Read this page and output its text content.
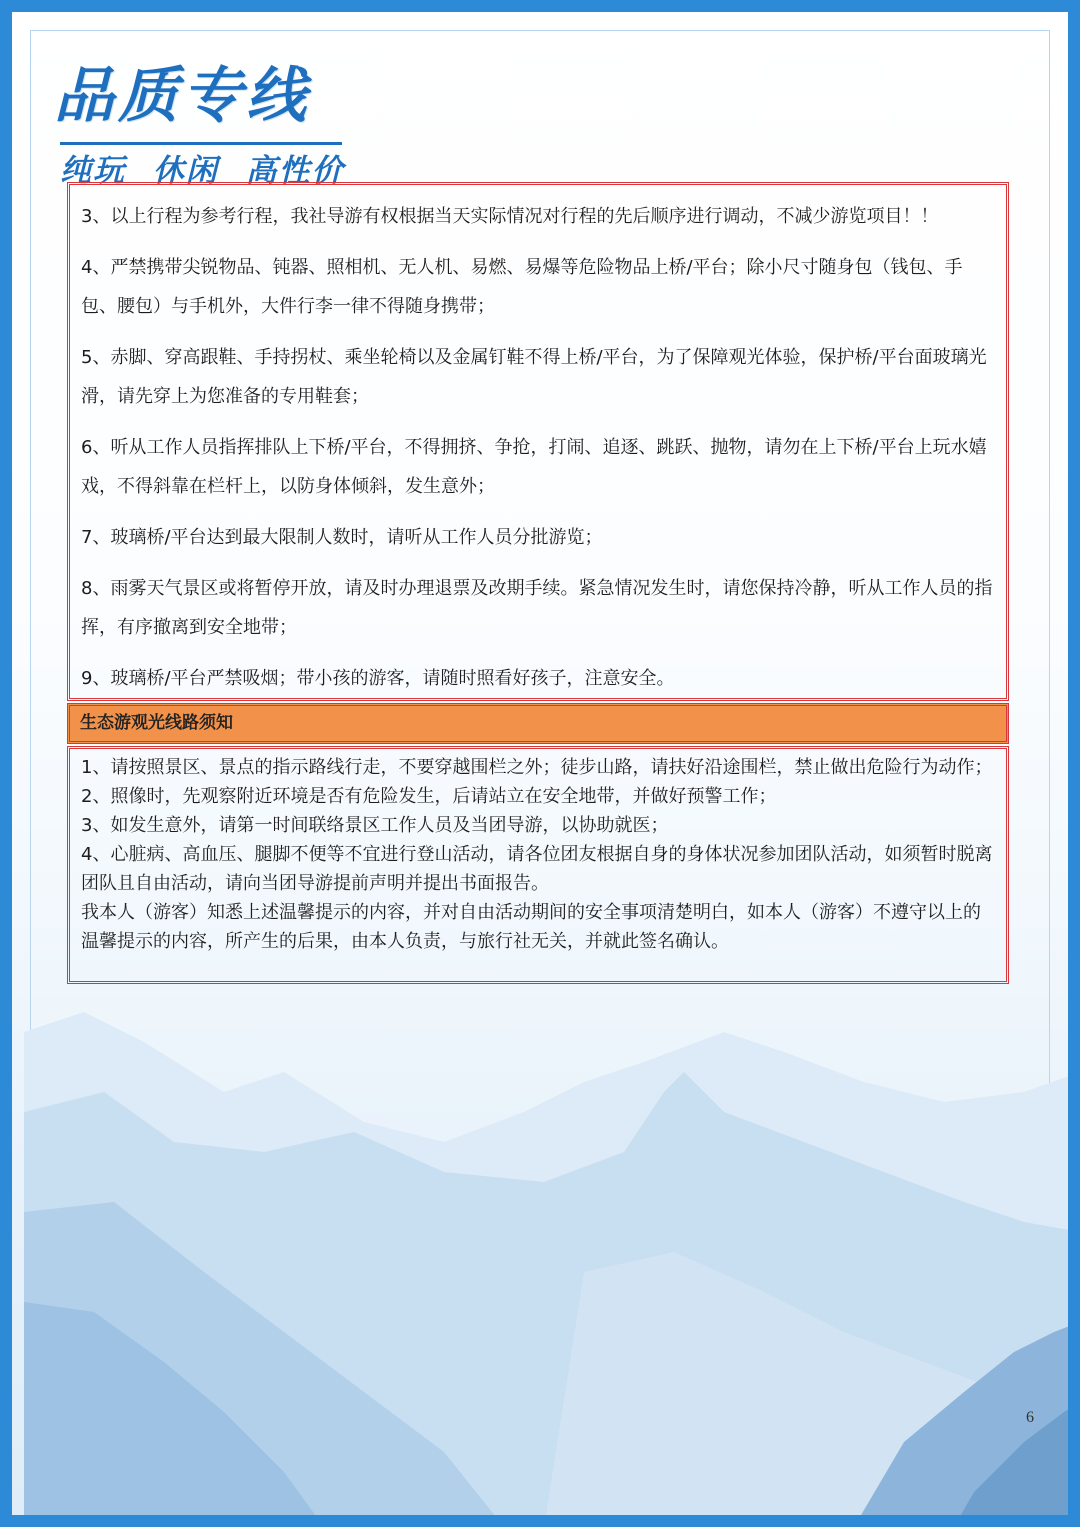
品质专线
纯玩 休闲 高性价
6

3、以上行程为参考行程，我社导游有权根据当天实际情况对行程的先后顺序进行调动，不减少游览项目！！

4、严禁携带尖锐物品、钝器、照相机、无人机、易燃、易爆等危险物品上桥/平台；除小尺寸随身包（钱包、手包、腰包）与手机外，大件行李一律不得随身携带；

5、赤脚、穿高跟鞋、手持拐杖、乘坐轮椅以及金属钉鞋不得上桥/平台，为了保障观光体验，保护桥/平台面玻璃光滑，请先穿上为您准备的专用鞋套；

6、听从工作人员指挥排队上下桥/平台，不得拥挤、争抢，打闹、追逐、跳跃、抛物，请勿在上下桥/平台上玩水嬉戏，不得斜靠在栏杆上，以防身体倾斜，发生意外；

7、玻璃桥/平台达到最大限制人数时，请听从工作人员分批游览；

8、雨雾天气景区或将暂停开放，请及时办理退票及改期手续。紧急情况发生时，请您保持冷静，听从工作人员的指挥，有序撤离到安全地带；

9、玻璃桥/平台严禁吸烟；带小孩的游客，请随时照看好孩子，注意安全。

生态游观光线路须知

1、请按照景区、景点的指示路线行走，不要穿越围栏之外；徒步山路，请扶好沿途围栏，禁止做出危险行为动作；

2、照像时，先观察附近环境是否有危险发生，后请站立在安全地带，并做好预警工作；

3、如发生意外，请第一时间联络景区工作人员及当团导游，以协助就医；

4、心脏病、高血压、腿脚不便等不宜进行登山活动，请各位团友根据自身的身体状况参加团队活动，如须暂时脱离团队且自由活动，请向当团导游提前声明并提出书面报告。

我本人（游客）知悉上述温馨提示的内容，并对自由活动期间的安全事项清楚明白，如本人（游客）不遵守以上的温馨提示的内容，所产生的后果，由本人负责，与旅行社无关，并就此签名确认。
